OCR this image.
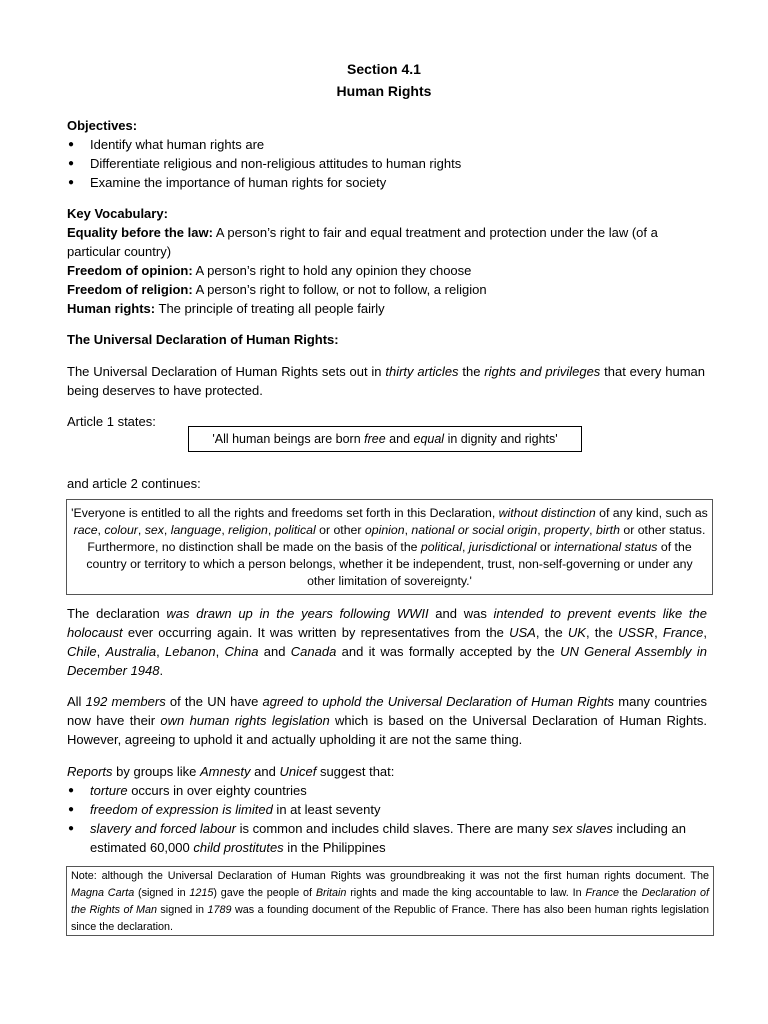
Section 4.1
Human Rights
Objectives:
● Identify what human rights are
● Differentiate religious and non-religious attitudes to human rights
● Examine the importance of human rights for society
Key Vocabulary:
Equality before the law: A person’s right to fair and equal treatment and protection under the law (of a particular country)
Freedom of opinion: A person’s right to hold any opinion they choose
Freedom of religion: A person’s right to follow, or not to follow, a religion
Human rights: The principle of treating all people fairly
The Universal Declaration of Human Rights:
The Universal Declaration of Human Rights sets out in thirty articles the rights and privileges that every human being deserves to have protected.
Article 1 states:
'All human beings are born free and equal in dignity and rights'
and article 2 continues:
'Everyone is entitled to all the rights and freedoms set forth in this Declaration, without distinction of any kind, such as race, colour, sex, language, religion, political or other opinion, national or social origin, property, birth or other status. Furthermore, no distinction shall be made on the basis of the political, jurisdictional or international status of the country or territory to which a person belongs, whether it be independent, trust, non-self-governing or under any other limitation of sovereignty.'
The declaration was drawn up in the years following WWII and was intended to prevent events like the holocaust ever occurring again. It was written by representatives from the USA, the UK, the USSR, France, Chile, Australia, Lebanon, China and Canada and it was formally accepted by the UN General Assembly in December 1948.
All 192 members of the UN have agreed to uphold the Universal Declaration of Human Rights many countries now have their own human rights legislation which is based on the Universal Declaration of Human Rights. However, agreeing to uphold it and actually upholding it are not the same thing.
Reports by groups like Amnesty and Unicef suggest that:
● torture occurs in over eighty countries
● freedom of expression is limited in at least seventy
● slavery and forced labour is common and includes child slaves. There are many sex slaves including an estimated 60,000 child prostitutes in the Philippines
Note: although the Universal Declaration of Human Rights was groundbreaking it was not the first human rights document. The Magna Carta (signed in 1215) gave the people of Britain rights and made the king accountable to law. In France the Declaration of the Rights of Man signed in 1789 was a founding document of the Republic of France. There has also been human rights legislation since the declaration.
